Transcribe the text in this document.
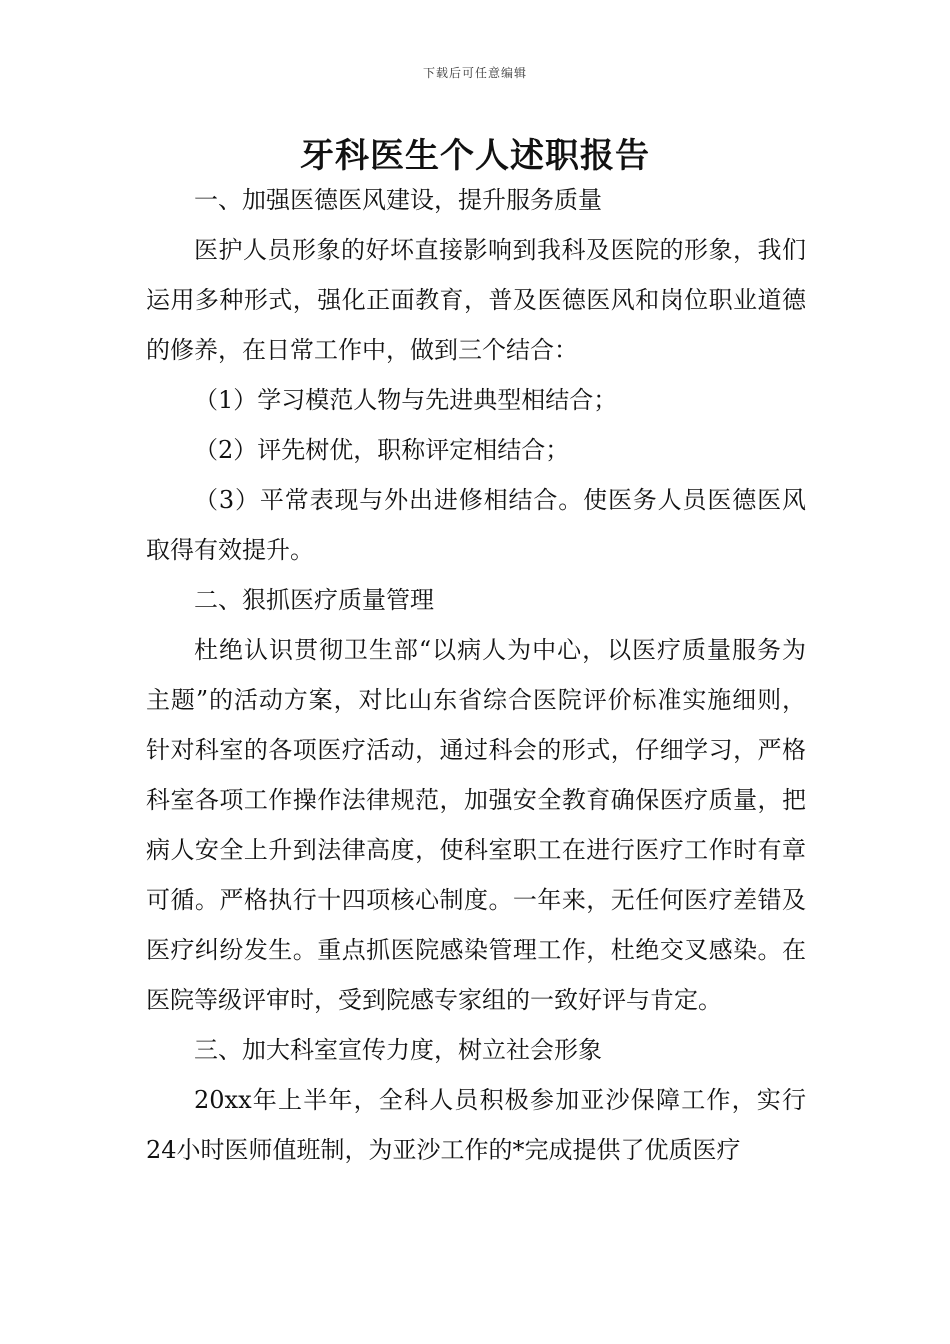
下载后可任意编辑
牙科医生个人述职报告

一、加强医德医风建设，提升服务质量

医护人员形象的好坏直接影响到我科及医院的形象，我们运用多种形式，强化正面教育，普及医德医风和岗位职业道德的修养，在日常工作中，做到三个结合：

（1）学习模范人物与先进典型相结合；

（2）评先树优，职称评定相结合；

（3）平常表现与外出进修相结合。使医务人员医德医风取得有效提升。

二、狠抓医疗质量管理

杜绝认识贯彻卫生部“以病人为中心，以医疗质量服务为主题”的活动方案，对比山东省综合医院评价标准实施细则，针对科室的各项医疗活动，通过科会的形式，仔细学习，严格科室各项工作操作法律规范，加强安全教育确保医疗质量，把病人安全上升到法律高度，使科室职工在进行医疗工作时有章可循。严格执行十四项核心制度。一年来，无任何医疗差错及医疗纠纷发生。重点抓医院感染管理工作，杜绝交叉感染。在医院等级评审时，受到院感专家组的一致好评与肯定。

三、加大科室宣传力度，树立社会形象

20xx年上半年，全科人员积极参加亚沙保障工作，实行24小时医师值班制，为亚沙工作的*完成提供了优质医疗
